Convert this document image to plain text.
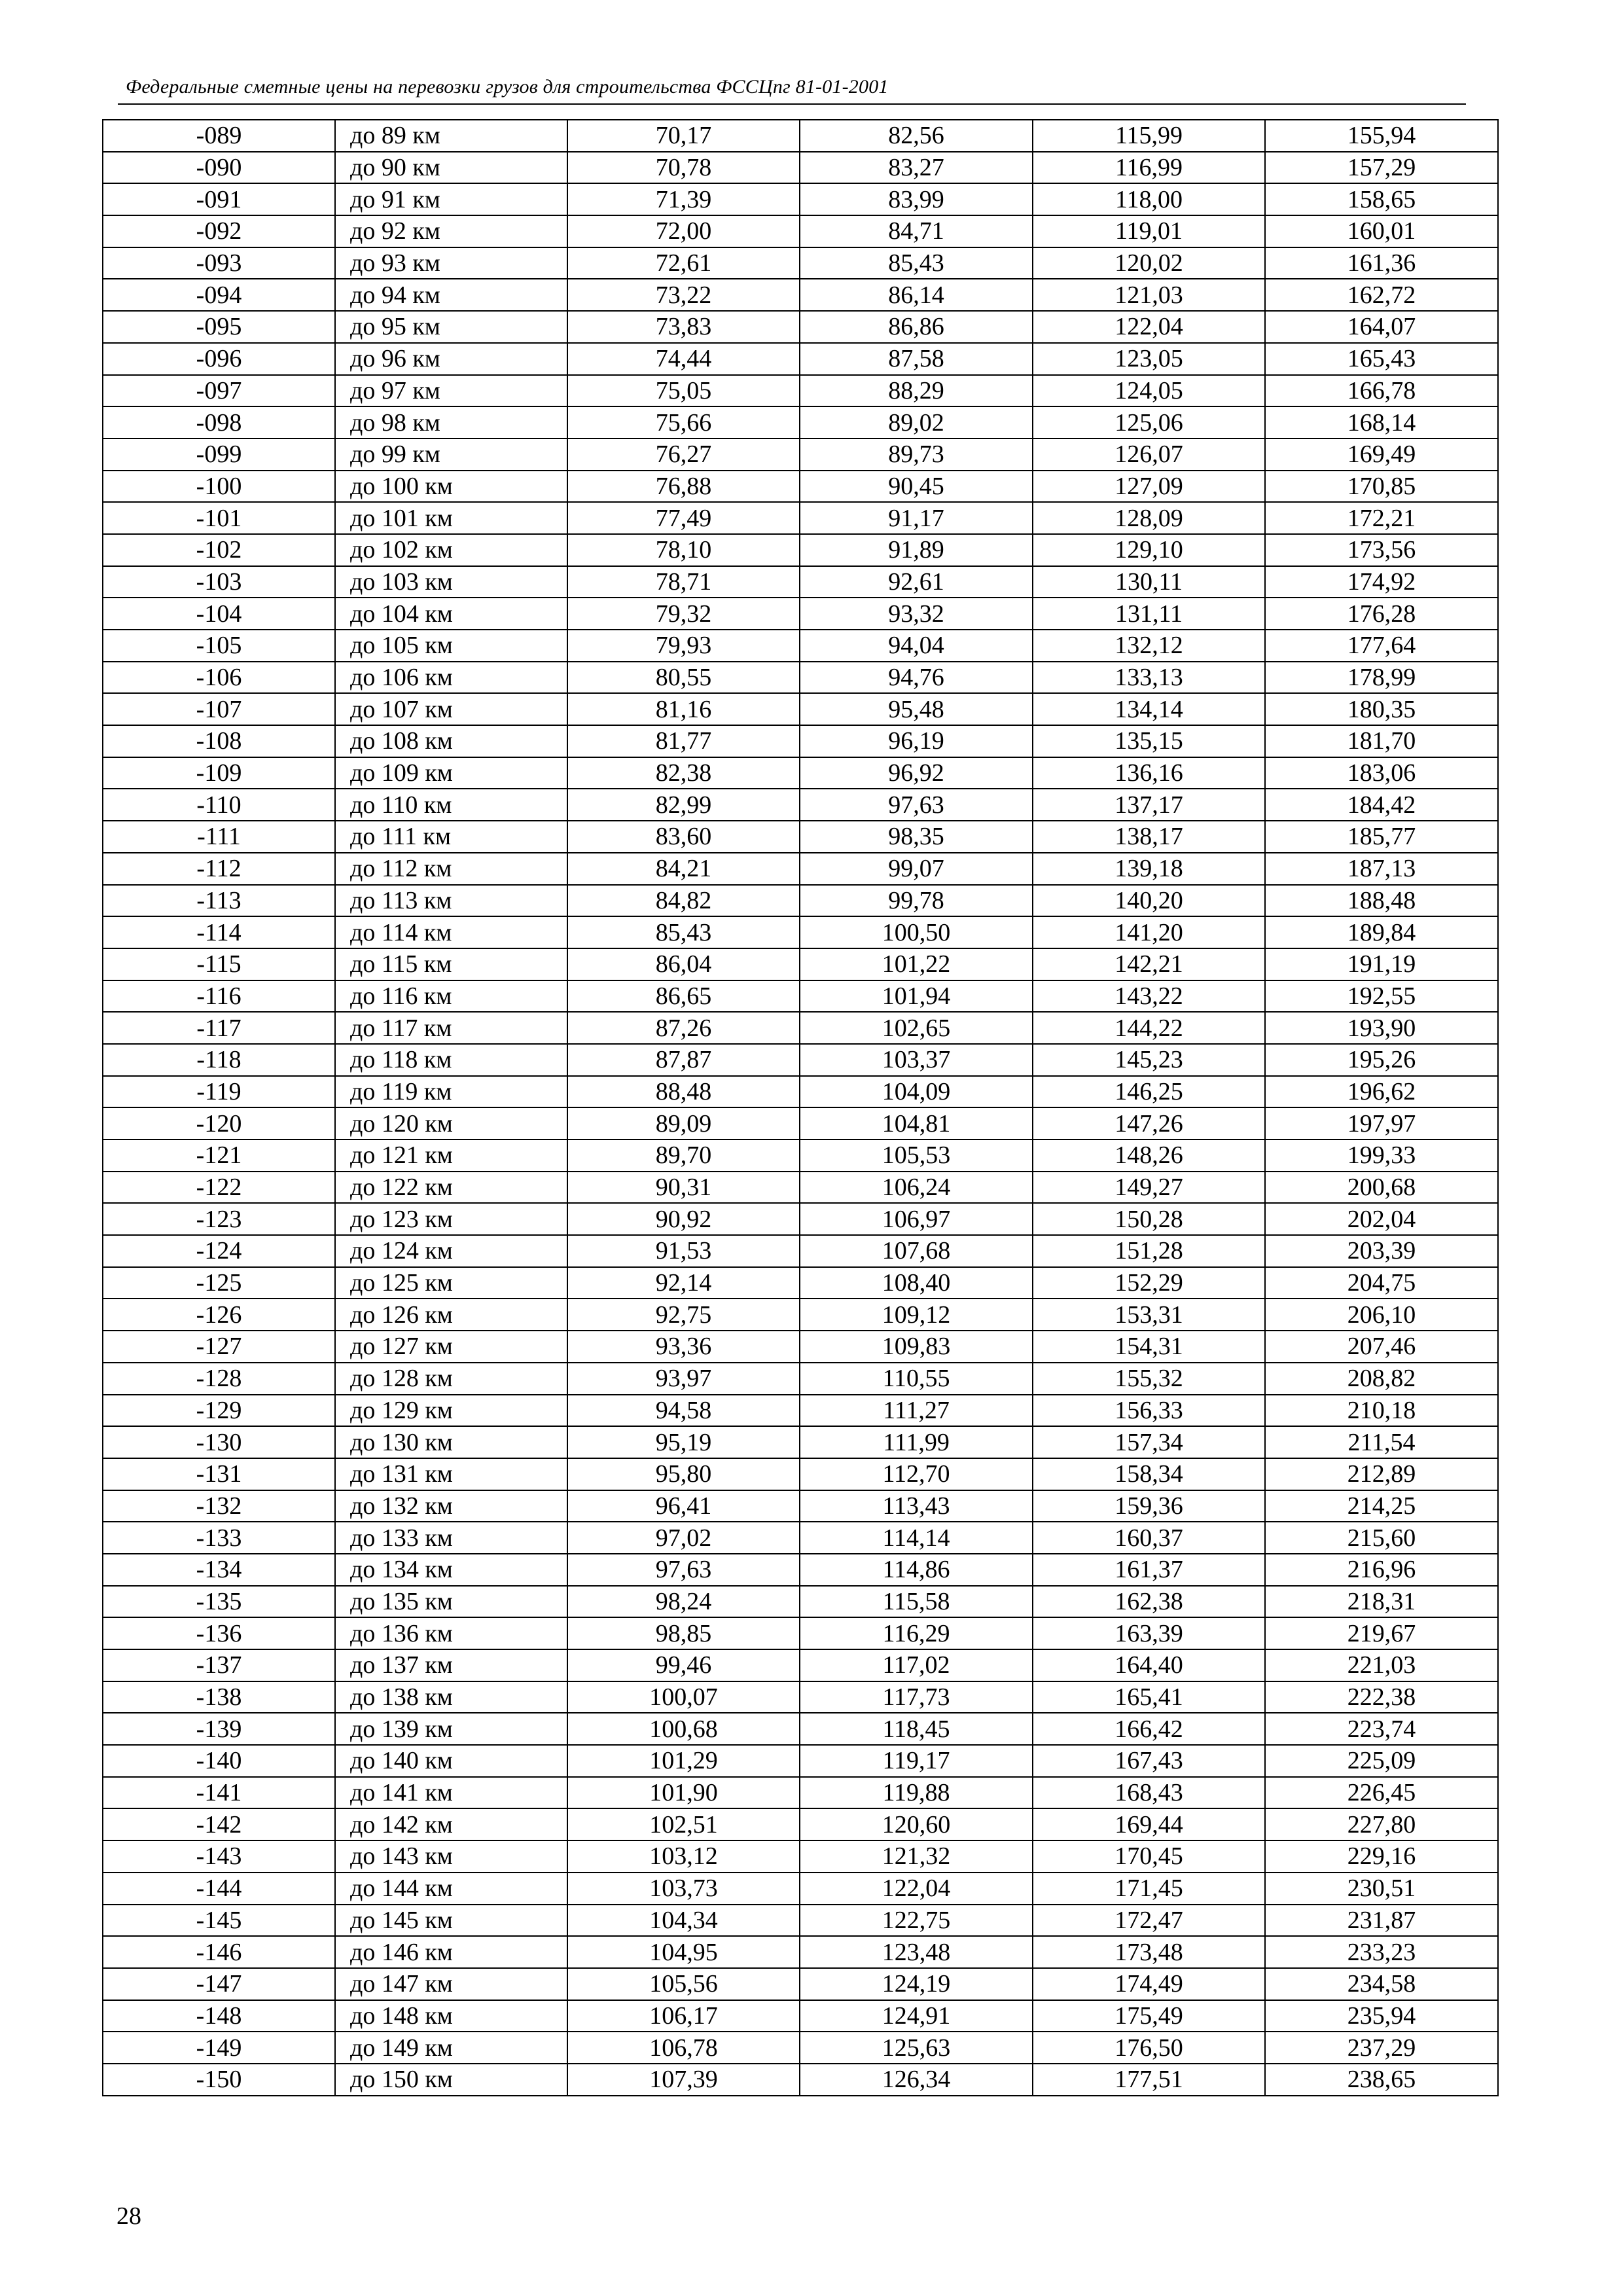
Федеральные сметные цены на перевозки грузов для строительства ФССЦпг 81-01-2001
-089	до 89 км	70,17	82,56	115,99	155,94
-090	до 90 км	70,78	83,27	116,99	157,29
-091	до 91 км	71,39	83,99	118,00	158,65
-092	до 92 км	72,00	84,71	119,01	160,01
-093	до 93 км	72,61	85,43	120,02	161,36
-094	до 94 км	73,22	86,14	121,03	162,72
-095	до 95 км	73,83	86,86	122,04	164,07
-096	до 96 км	74,44	87,58	123,05	165,43
-097	до 97 км	75,05	88,29	124,05	166,78
-098	до 98 км	75,66	89,02	125,06	168,14
-099	до 99 км	76,27	89,73	126,07	169,49
-100	до 100 км	76,88	90,45	127,09	170,85
-101	до 101 км	77,49	91,17	128,09	172,21
-102	до 102 км	78,10	91,89	129,10	173,56
-103	до 103 км	78,71	92,61	130,11	174,92
-104	до 104 км	79,32	93,32	131,11	176,28
-105	до 105 км	79,93	94,04	132,12	177,64
-106	до 106 км	80,55	94,76	133,13	178,99
-107	до 107 км	81,16	95,48	134,14	180,35
-108	до 108 км	81,77	96,19	135,15	181,70
-109	до 109 км	82,38	96,92	136,16	183,06
-110	до 110 км	82,99	97,63	137,17	184,42
-111	до 111 км	83,60	98,35	138,17	185,77
-112	до 112 км	84,21	99,07	139,18	187,13
-113	до 113 км	84,82	99,78	140,20	188,48
-114	до 114 км	85,43	100,50	141,20	189,84
-115	до 115 км	86,04	101,22	142,21	191,19
-116	до 116 км	86,65	101,94	143,22	192,55
-117	до 117 км	87,26	102,65	144,22	193,90
-118	до 118 км	87,87	103,37	145,23	195,26
-119	до 119 км	88,48	104,09	146,25	196,62
-120	до 120 км	89,09	104,81	147,26	197,97
-121	до 121 км	89,70	105,53	148,26	199,33
-122	до 122 км	90,31	106,24	149,27	200,68
-123	до 123 км	90,92	106,97	150,28	202,04
-124	до 124 км	91,53	107,68	151,28	203,39
-125	до 125 км	92,14	108,40	152,29	204,75
-126	до 126 км	92,75	109,12	153,31	206,10
-127	до 127 км	93,36	109,83	154,31	207,46
-128	до 128 км	93,97	110,55	155,32	208,82
-129	до 129 км	94,58	111,27	156,33	210,18
-130	до 130 км	95,19	111,99	157,34	211,54
-131	до 131 км	95,80	112,70	158,34	212,89
-132	до 132 км	96,41	113,43	159,36	214,25
-133	до 133 км	97,02	114,14	160,37	215,60
-134	до 134 км	97,63	114,86	161,37	216,96
-135	до 135 км	98,24	115,58	162,38	218,31
-136	до 136 км	98,85	116,29	163,39	219,67
-137	до 137 км	99,46	117,02	164,40	221,03
-138	до 138 км	100,07	117,73	165,41	222,38
-139	до 139 км	100,68	118,45	166,42	223,74
-140	до 140 км	101,29	119,17	167,43	225,09
-141	до 141 км	101,90	119,88	168,43	226,45
-142	до 142 км	102,51	120,60	169,44	227,80
-143	до 143 км	103,12	121,32	170,45	229,16
-144	до 144 км	103,73	122,04	171,45	230,51
-145	до 145 км	104,34	122,75	172,47	231,87
-146	до 146 км	104,95	123,48	173,48	233,23
-147	до 147 км	105,56	124,19	174,49	234,58
-148	до 148 км	106,17	124,91	175,49	235,94
-149	до 149 км	106,78	125,63	176,50	237,29
-150	до 150 км	107,39	126,34	177,51	238,65
28
